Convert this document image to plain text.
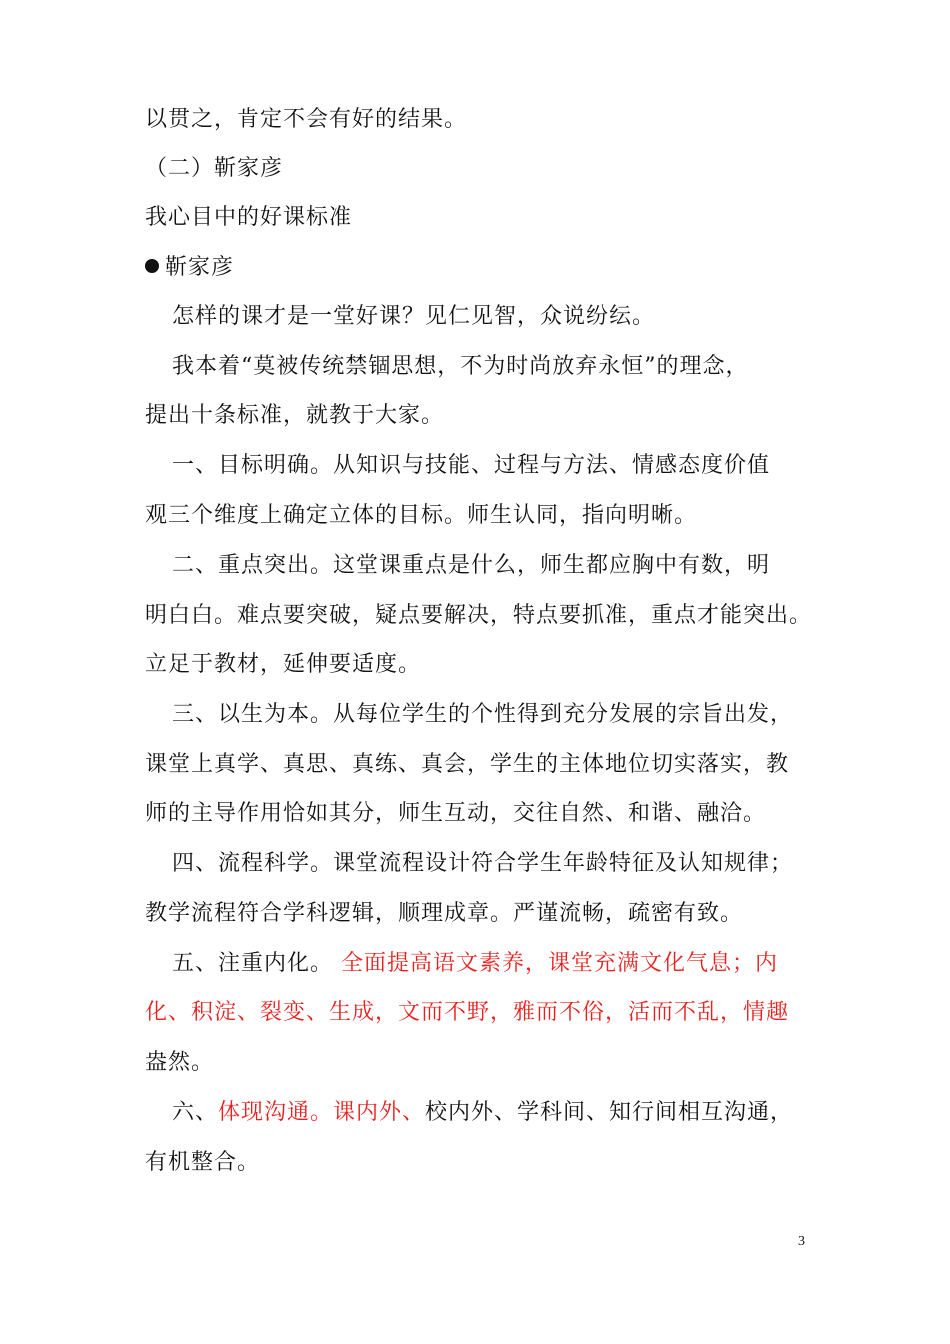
以贯之，肯定不会有好的结果。
（二）靳家彦
我心目中的好课标准
靳家彦
怎样的课才是一堂好课？见仁见智，众说纷纭。
我本着“莫被传统禁锢思想，不为时尚放弃永恒”的理念，
提出十条标准，就教于大家。
一、目标明确。从知识与技能、过程与方法、情感态度价值
观三个维度上确定立体的目标。师生认同，指向明晰。
二、重点突出。这堂课重点是什么，师生都应胸中有数，明
明白白。难点要突破，疑点要解决，特点要抓准，重点才能突出。
立足于教材，延伸要适度。
三、以生为本。从每位学生的个性得到充分发展的宗旨出发，
课堂上真学、真思、真练、真会，学生的主体地位切实落实，教
师的主导作用恰如其分，师生互动，交往自然、和谐、融洽。
四、流程科学。课堂流程设计符合学生年龄特征及认知规律；
教学流程符合学科逻辑，顺理成章。严谨流畅，疏密有致。
五、注重内化。 全面提高语文素养，课堂充满文化气息；内
化、积淀、裂变、生成，文而不野，雅而不俗，活而不乱，情趣
盎然。
六、体现沟通。课内外、校内外、学科间、知行间相互沟通，
有机整合。
3
